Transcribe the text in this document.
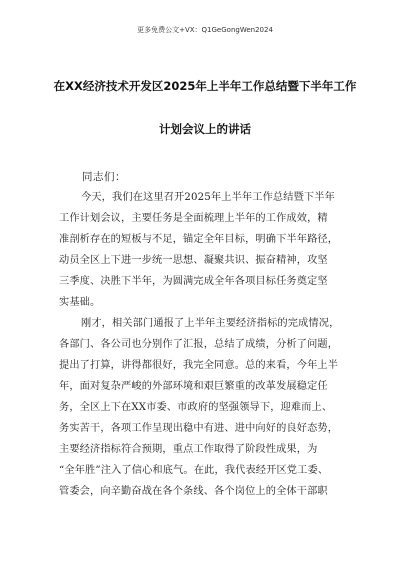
更多免费公文+VX：Q1GeGongWen2024
在XX经济技术开发区2025年上半年工作总结暨下半年工作
计划会议上的讲话
同志们：
今天，我们在这里召开2025年上半年工作总结暨下半年
工作计划会议，主要任务是全面梳理上半年的工作成效，精
准剖析存在的短板与不足，锚定全年目标，明确下半年路径，
动员全区上下进一步统一思想、凝聚共识、振奋精神，攻坚
三季度、决胜下半年，为圆满完成全年各项目标任务奠定坚
实基础。
刚才，相关部门通报了上半年主要经济指标的完成情况，
各部门、各公司也分别作了汇报，总结了成绩，分析了问题，
提出了打算，讲得都很好，我完全同意。总的来看，今年上半
年，面对复杂严峻的外部环境和艰巨繁重的改革发展稳定任
务，全区上下在XX市委、市政府的坚强领导下，迎难而上、
务实苦干，各项工作呈现出稳中有进、进中向好的良好态势，
主要经济指标符合预期，重点工作取得了阶段性成果，为
“全年胜”注入了信心和底气。在此，我代表经开区党工委、
管委会，向辛勤奋战在各个条线、各个岗位上的全体干部职
